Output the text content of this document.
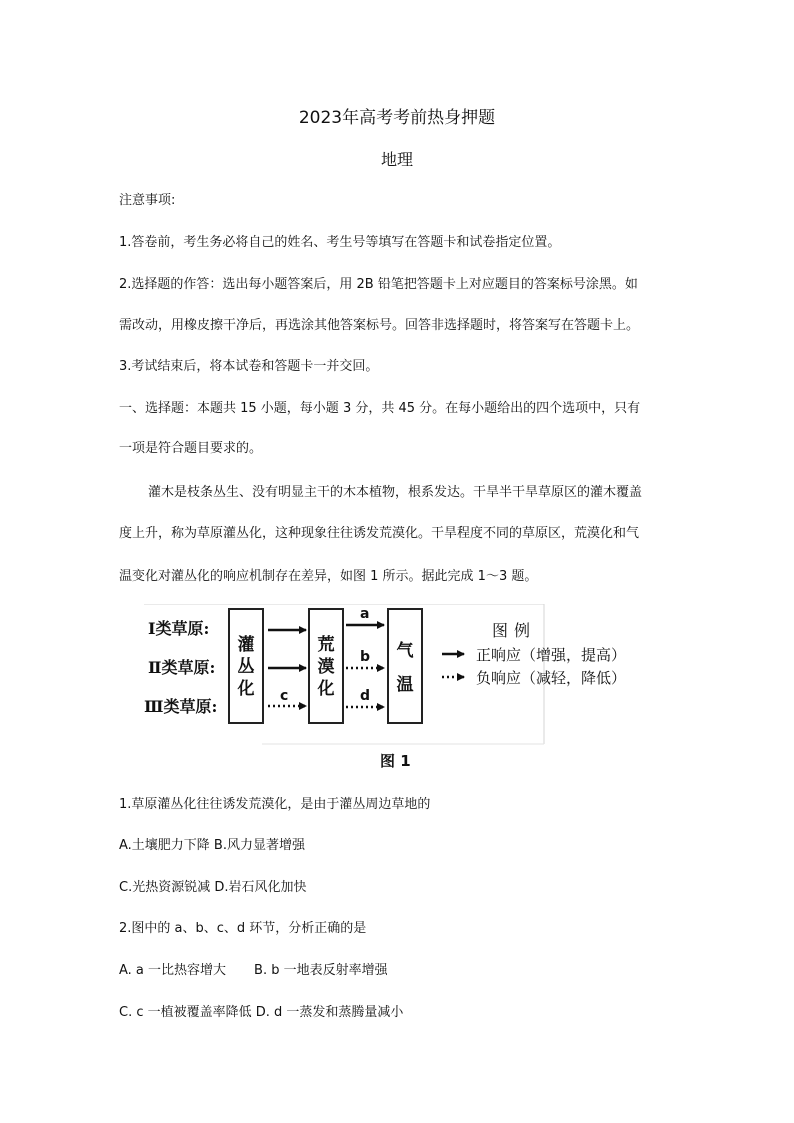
2023年高考考前热身押题
地理
注意事项:
1.答卷前，考生务必将自己的姓名、考生号等填写在答题卡和试卷指定位置。
2.选择题的作答：选出每小题答案后，用 2B 铅笔把答题卡上对应题目的答案标号涂黑。如
需改动，用橡皮擦干净后，再选涂其他答案标号。回答非选择题时，将答案写在答题卡上。
3.考试结束后，将本试卷和答题卡一并交回。
一、选择题：本题共 15 小题，每小题 3 分，共 45 分。在每小题给出的四个选项中，只有
一项是符合题目要求的。
灌木是枝条丛生、没有明显主干的木本植物，根系发达。干旱半干旱草原区的灌木覆盖
度上升，称为草原灌丛化，这种现象往往诱发荒漠化。干旱程度不同的草原区，荒漠化和气
温变化对灌丛化的响应机制存在差异，如图 1 所示。据此完成 1～3 题。
Ⅰ类草原:
Ⅱ类草原:
Ⅲ类草原:
灌
丛
化
荒
漠
化
气
温
a
b
c	d
图例
正响应（增强，提高）
负响应（减轻，降低）
图 1
1.草原灌丛化往往诱发荒漠化，是由于灌丛周边草地的
A.土壤肥力下降 B.风力显著增强
C.光热资源锐减 D.岩石风化加快
2.图中的 a、b、c、d 环节，分析正确的是
A. a 一比热容增大 B. b 一地表反射率增强
C. c 一植被覆盖率降低 D. d 一蒸发和蒸腾量减小
